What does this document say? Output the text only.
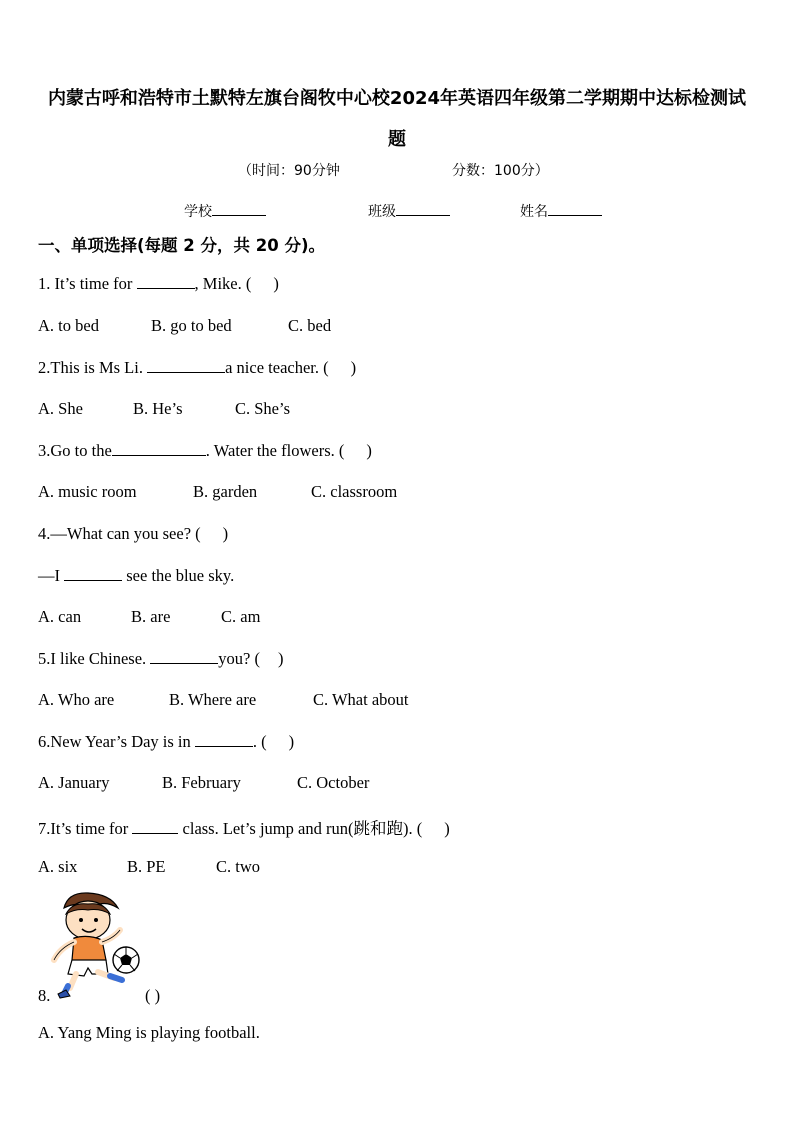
内蒙古呼和浩特市土默特左旗台阁牧中心校2024年英语四年级第二学期期中达标检测试
题
（时间：90分钟	分数：100分）
学校	班级	姓名
一、单项选择(每题 2 分，共 20 分)。
1. It’s time for	, Mike. ( )
A. to bed	B. go to bed	C. bed
2.This is Ms Li.	a nice teacher. ( )
A. She	B. He’s	C. She’s
3.Go to the	. Water the flowers. ( )
A. music room	B. garden	C. classroom
4.—What can you see? ( )
—I	see the blue sky.
A. can	B. are	C. am
5.I like Chinese.	you? ( )
A. Who are	B. Where are	C. What about
6.New Year’s Day is in	. ( )
A. January	B. February	C. October
7.It’s time for	class. Let’s jump and run(跳和跑). ( )
A. six	B. PE	C. two
8.	( )
A. Yang Ming is playing football.
